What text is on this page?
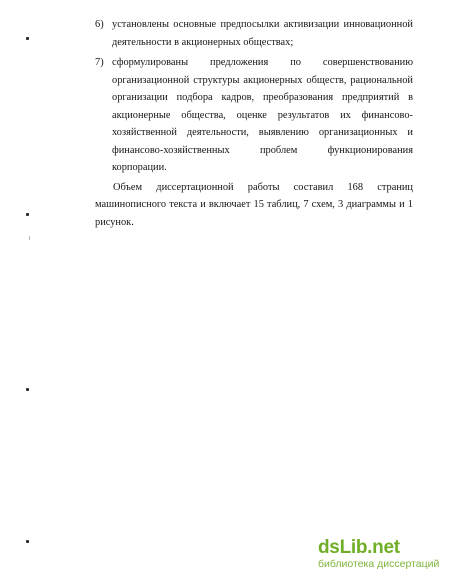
6) установлены основные предпосылки активизации инновационной деятельности в акционерных обществах;

7) сформулированы предложения по совершенствованию организационной структуры акционерных обществ, рациональной организации подбора кадров, преобразования предприятий в акционерные общества, оценке результатов их финансово-хозяйственной деятельности, выявлению организационных и финансово-хозяйственных проблем функционирования корпорации.

Объем диссертационной работы составил 168 страниц машинописного текста и включает 15 таблиц, 7 схем, 3 диаграммы и 1 рисунок.

dsLib.net
библиотека диссертаций
